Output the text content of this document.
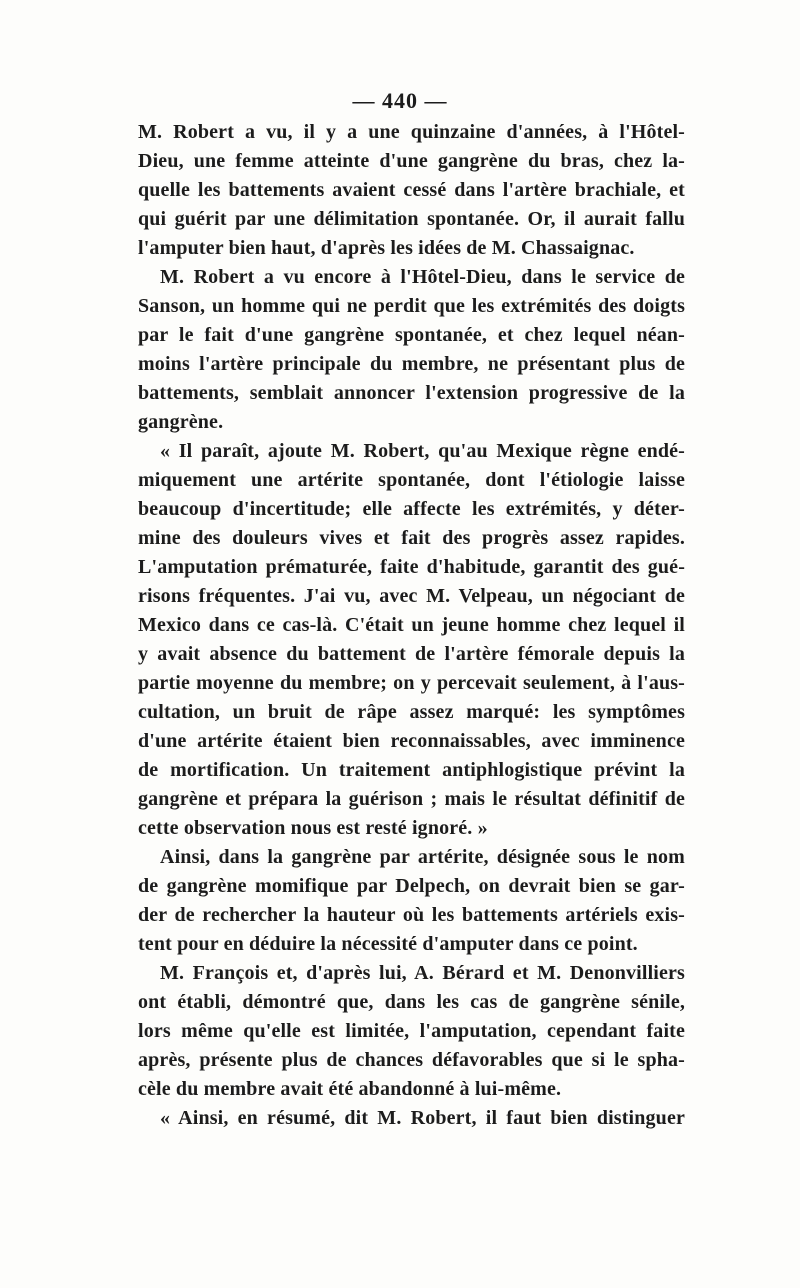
— 440 —
M. Robert a vu, il y a une quinzaine d'années, à l'Hôtel-
Dieu, une femme atteinte d'une gangrène du bras, chez la-
quelle les battements avaient cessé dans l'artère brachiale, et
qui guérit par une délimitation spontanée. Or, il aurait fallu
l'amputer bien haut, d'après les idées de M. Chassaignac.
M. Robert a vu encore à l'Hôtel-Dieu, dans le service de
Sanson, un homme qui ne perdit que les extrémités des doigts
par le fait d'une gangrène spontanée, et chez lequel néan-
moins l'artère principale du membre, ne présentant plus de
battements, semblait annoncer l'extension progressive de la
gangrène.
« Il paraît, ajoute M. Robert, qu'au Mexique règne endé-
miquement une artérite spontanée, dont l'étiologie laisse
beaucoup d'incertitude; elle affecte les extrémités, y déter-
mine des douleurs vives et fait des progrès assez rapides.
L'amputation prématurée, faite d'habitude, garantit des gué-
risons fréquentes. J'ai vu, avec M. Velpeau, un négociant de
Mexico dans ce cas-là. C'était un jeune homme chez lequel il
y avait absence du battement de l'artère fémorale depuis la
partie moyenne du membre; on y percevait seulement, à l'aus-
cultation, un bruit de râpe assez marqué: les symptômes
d'une artérite étaient bien reconnaissables, avec imminence
de mortification. Un traitement antiphlogistique prévint la
gangrène et prépara la guérison ; mais le résultat définitif de
cette observation nous est resté ignoré. »
Ainsi, dans la gangrène par artérite, désignée sous le nom
de gangrène momifique par Delpech, on devrait bien se gar-
der de rechercher la hauteur où les battements artériels exis-
tent pour en déduire la nécessité d'amputer dans ce point.
M. François et, d'après lui, A. Bérard et M. Denonvilliers
ont établi, démontré que, dans les cas de gangrène sénile,
lors même qu'elle est limitée, l'amputation, cependant faite
après, présente plus de chances défavorables que si le spha-
cèle du membre avait été abandonné à lui-même.
« Ainsi, en résumé, dit M. Robert, il faut bien distinguer
